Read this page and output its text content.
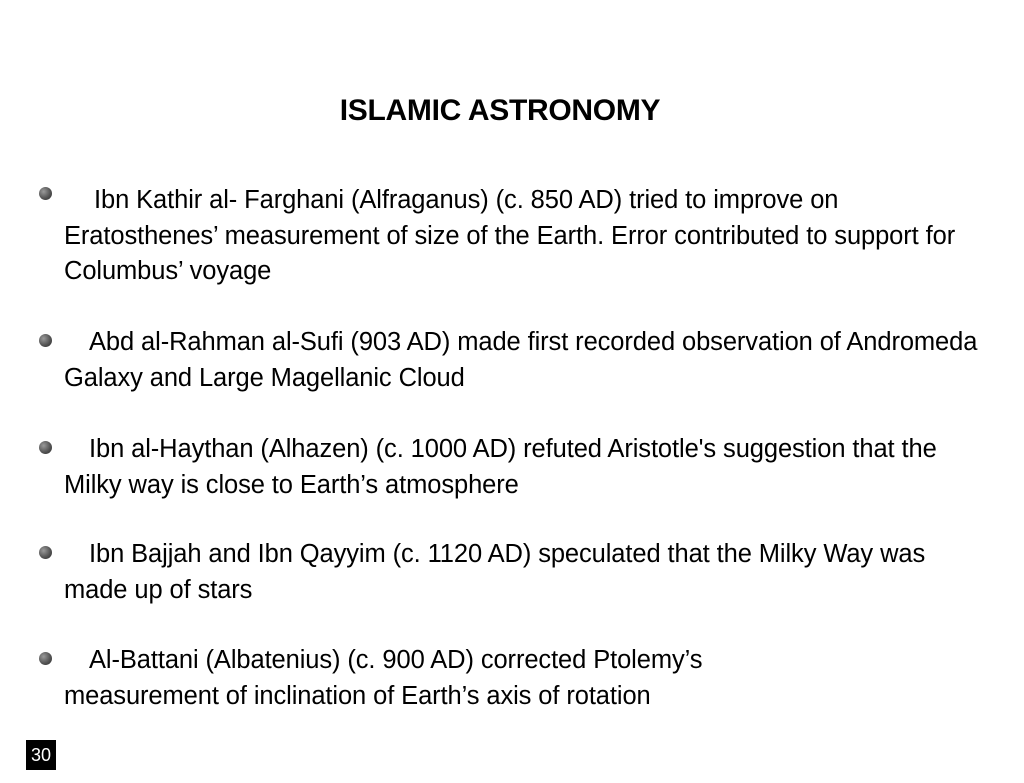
ISLAMIC ASTRONOMY
Ibn Kathir al- Farghani (Alfraganus) (c. 850 AD) tried to improve on Eratosthenes’ measurement of size of the Earth. Error contributed to support for Columbus’ voyage
Abd al-Rahman al-Sufi (903 AD) made first recorded observation of Andromeda Galaxy and Large Magellanic Cloud
Ibn al-Haythan (Alhazen) (c. 1000 AD) refuted Aristotle's suggestion that the Milky way is close to Earth’s atmosphere
Ibn Bajjah and Ibn Qayyim (c. 1120 AD) speculated that the Milky Way was made up of stars
Al-Battani (Albatenius) (c. 900 AD) corrected Ptolemy’s measurement of inclination of Earth’s axis of rotation
30
